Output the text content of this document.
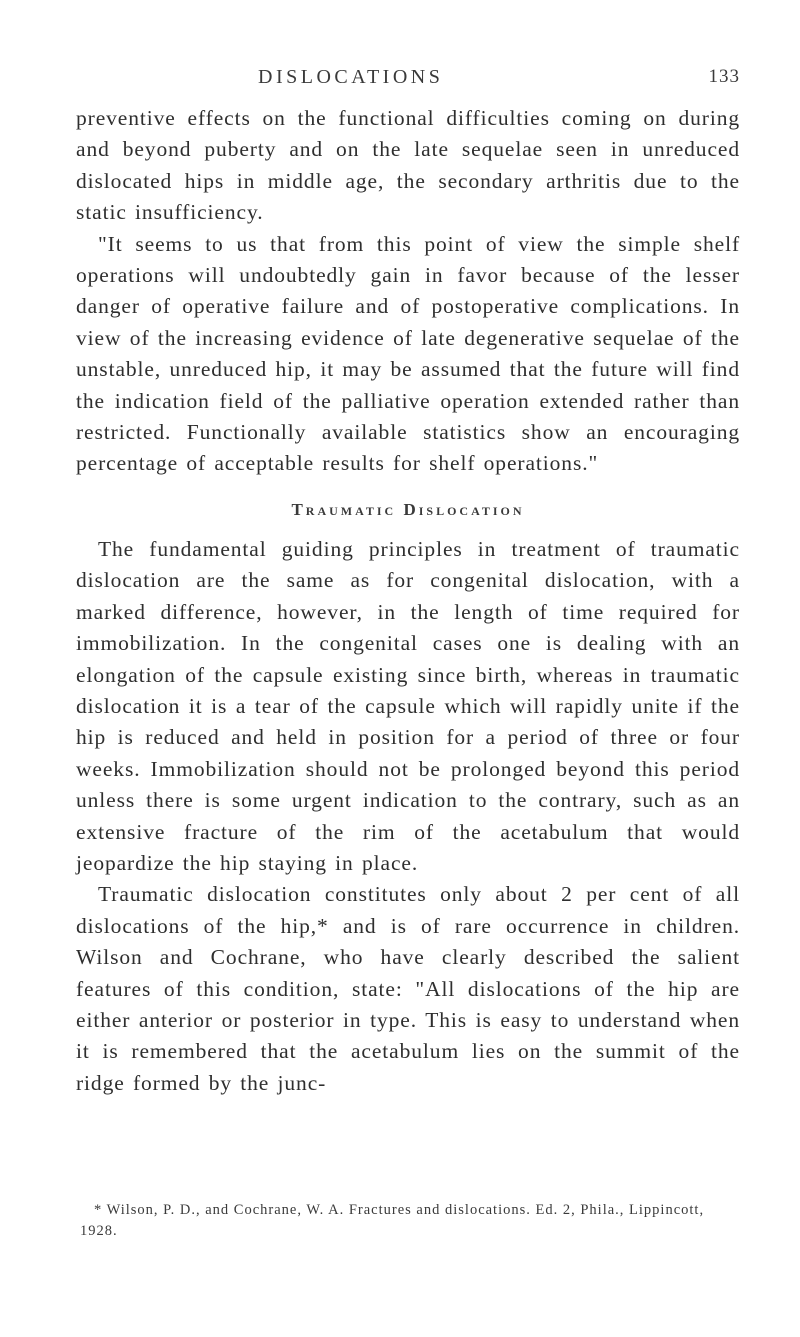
DISLOCATIONS	133

preventive effects on the functional difficulties coming on during and beyond puberty and on the late sequelae seen in unreduced dislocated hips in middle age, the secondary arthritis due to the static insufficiency.

"It seems to us that from this point of view the simple shelf operations will undoubtedly gain in favor because of the lesser danger of operative failure and of postoperative complications. In view of the increasing evidence of late degenerative sequelae of the unstable, unreduced hip, it may be assumed that the future will find the indication field of the palliative operation extended rather than restricted. Functionally available statistics show an encouraging percentage of acceptable results for shelf operations."

Traumatic Dislocation

The fundamental guiding principles in treatment of traumatic dislocation are the same as for congenital dislocation, with a marked difference, however, in the length of time required for immobilization. In the congenital cases one is dealing with an elongation of the capsule existing since birth, whereas in traumatic dislocation it is a tear of the capsule which will rapidly unite if the hip is reduced and held in position for a period of three or four weeks. Immobilization should not be prolonged beyond this period unless there is some urgent indication to the contrary, such as an extensive fracture of the rim of the acetabulum that would jeopardize the hip staying in place.

Traumatic dislocation constitutes only about 2 per cent of all dislocations of the hip,* and is of rare occurrence in children. Wilson and Cochrane, who have clearly described the salient features of this condition, state: "All dislocations of the hip are either anterior or posterior in type. This is easy to understand when it is remembered that the acetabulum lies on the summit of the ridge formed by the junc-

* Wilson, P. D., and Cochrane, W. A. Fractures and dislocations. Ed. 2, Phila., Lippincott, 1928.
